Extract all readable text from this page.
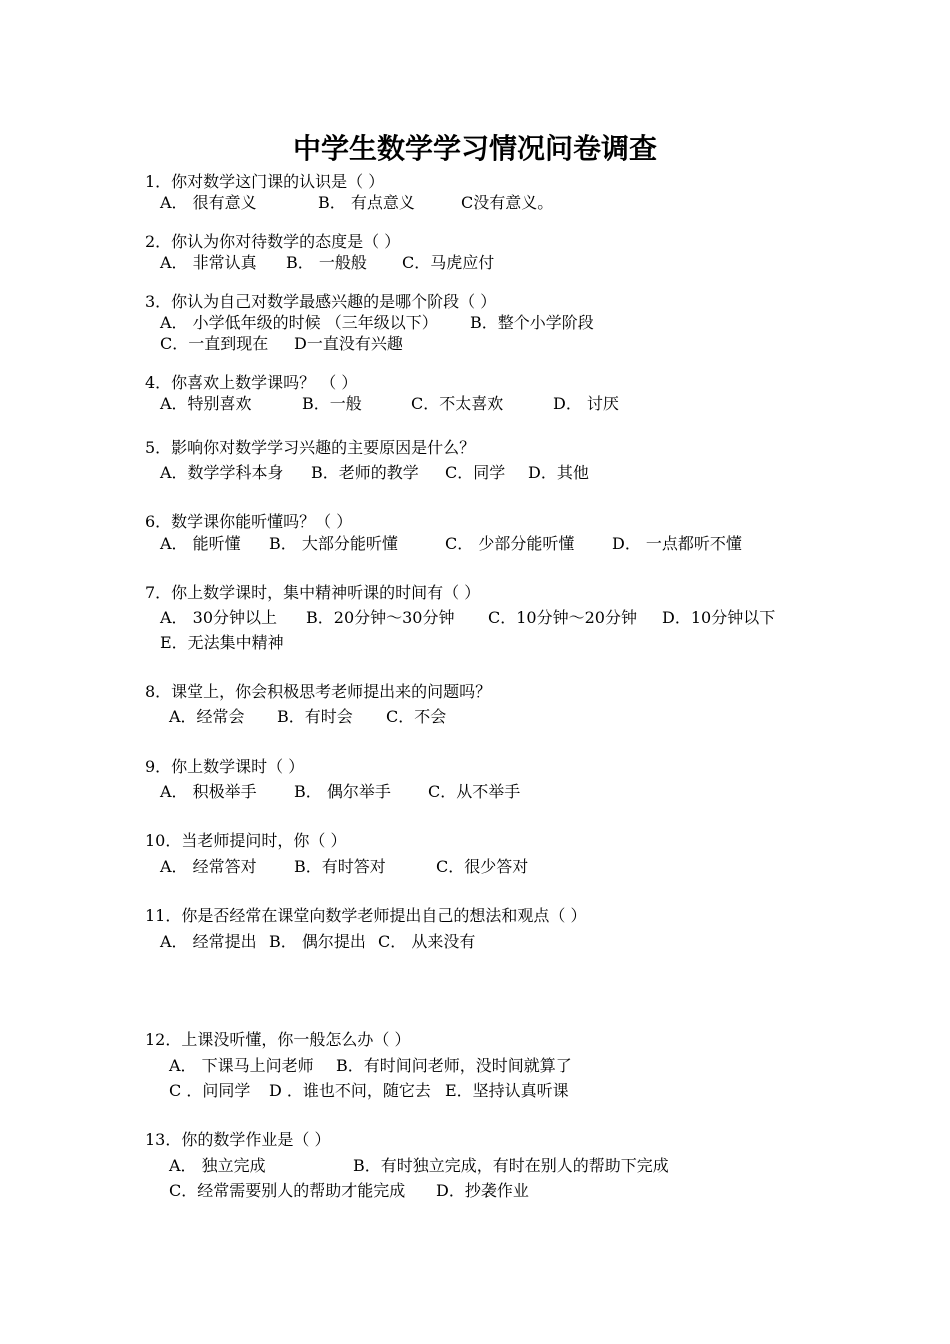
中学生数学学习情况问卷调查
1．你对数学这门课的认识是（ ）
A． 很有意义	B． 有点意义	C没有意义。
2．你认为你对待数学的态度是（ ）
A． 非常认真 B． 一般般 C．马虎应付
3．你认为自己对数学最感兴趣的是哪个阶段（ ）
A． 小学低年级的时候 （三年级以下） B．整个小学阶段
C．一直到现在 D一直没有兴趣
4．你喜欢上数学课吗？ （ ）
A．特别喜欢	B．一般	C．不太喜欢	D． 讨厌
5．影响你对数学学习兴趣的主要原因是什么？
A．数学学科本身 B．老师的教学 C．同学 D．其他
6．数学课你能听懂吗？（ ）
A． 能听懂 B． 大部分能听懂	C． 少部分能听懂 D． 一点都听不懂
7．你上数学课时，集中精神听课的时间有（ ）
A． 30分钟以上 B．20分钟～30分钟 C．10分钟～20分钟 D．10分钟以下
E．无法集中精神
8．课堂上，你会积极思考老师提出来的问题吗？
A．经常会 B．有时会 C．不会
9．你上数学课时（ ）
A． 积极举手 B． 偶尔举手 C．从不举手
10．当老师提问时，你（ ）
A． 经常答对 B．有时答对	C．很少答对
11．你是否经常在课堂向数学老师提出自己的想法和观点（ ）
A． 经常提出 B． 偶尔提出 C． 从来没有
12．上课没听懂，你一般怎么办（ ）
A． 下课马上问老师 B．有时间问老师，没时间就算了
C ．问同学 D ．谁也不问，随它去 E．坚持认真听课
13．你的数学作业是（ ）
A． 独立完成	B．有时独立完成，有时在别人的帮助下完成
C．经常需要别人的帮助才能完成 D．抄袭作业
